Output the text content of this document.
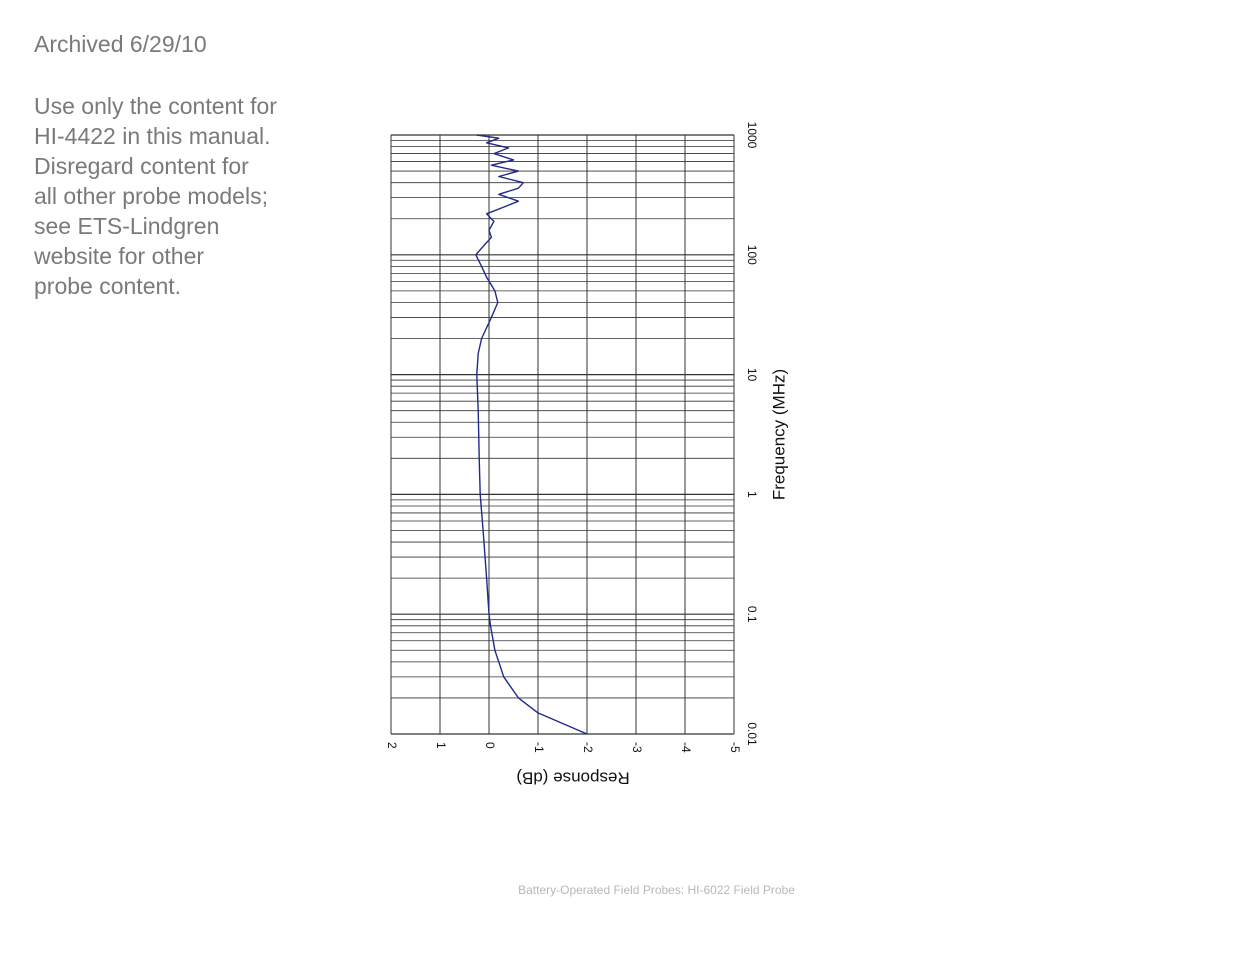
Archived 6/29/10
Use only the content for
HI-4422 in this manual.
Disregard content for
all other probe models;
see ETS-Lindgren
website for other
probe content.
2	1	0	-1	-2	-3	-4	-5
0.01
0.1
1
10
100
1000
Frequency (MHz)
Response (dB)
Battery-Operated Field Probes: HI-6022 Field Probe
